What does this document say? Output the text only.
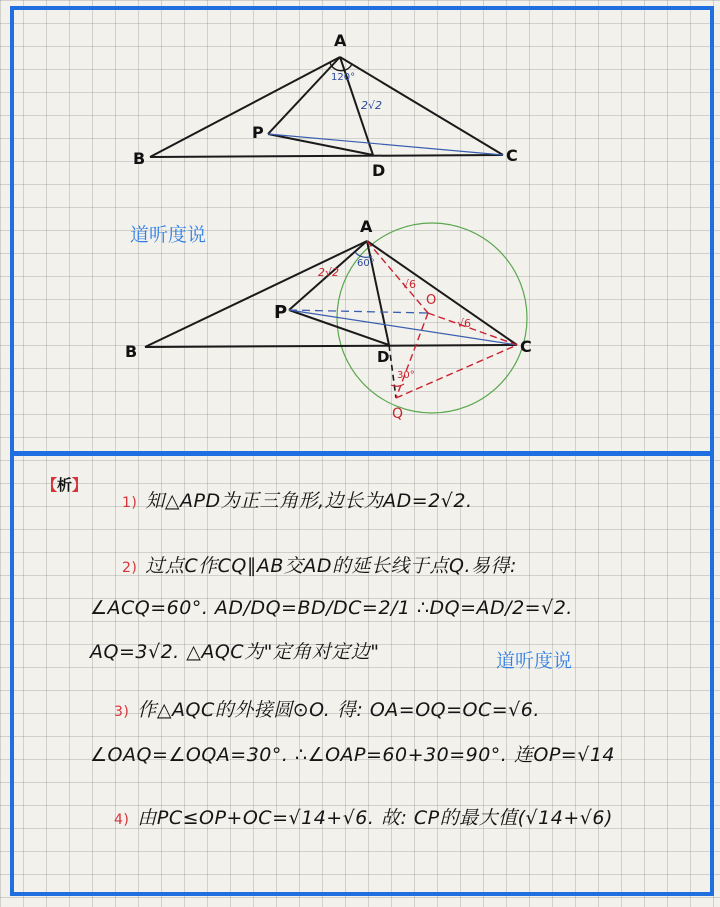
A
B	C
D
P
120°
2√2
A
B	C
D
P
O
Q
2√2
60°
30°
√6
√6
道听度说
道听度说
【析】
1) 知△APD为正三角形,边长为AD=2√2.
2) 过点C作CQ∥AB交AD的延长线于点Q.易得:
∠ACQ=60°. AD/DQ=BD/DC=2/1 ∴DQ=AD/2=√2.
AQ=3√2. △AQC为"定角对定边"
3) 作△AQC的外接圆⊙O. 得: OA=OQ=OC=√6.
∠OAQ=∠OQA=30°. ∴∠OAP=60+30=90°. 连OP=√14
4) 由PC≤OP+OC=√14+√6. 故: CP的最大值(√14+√6)
